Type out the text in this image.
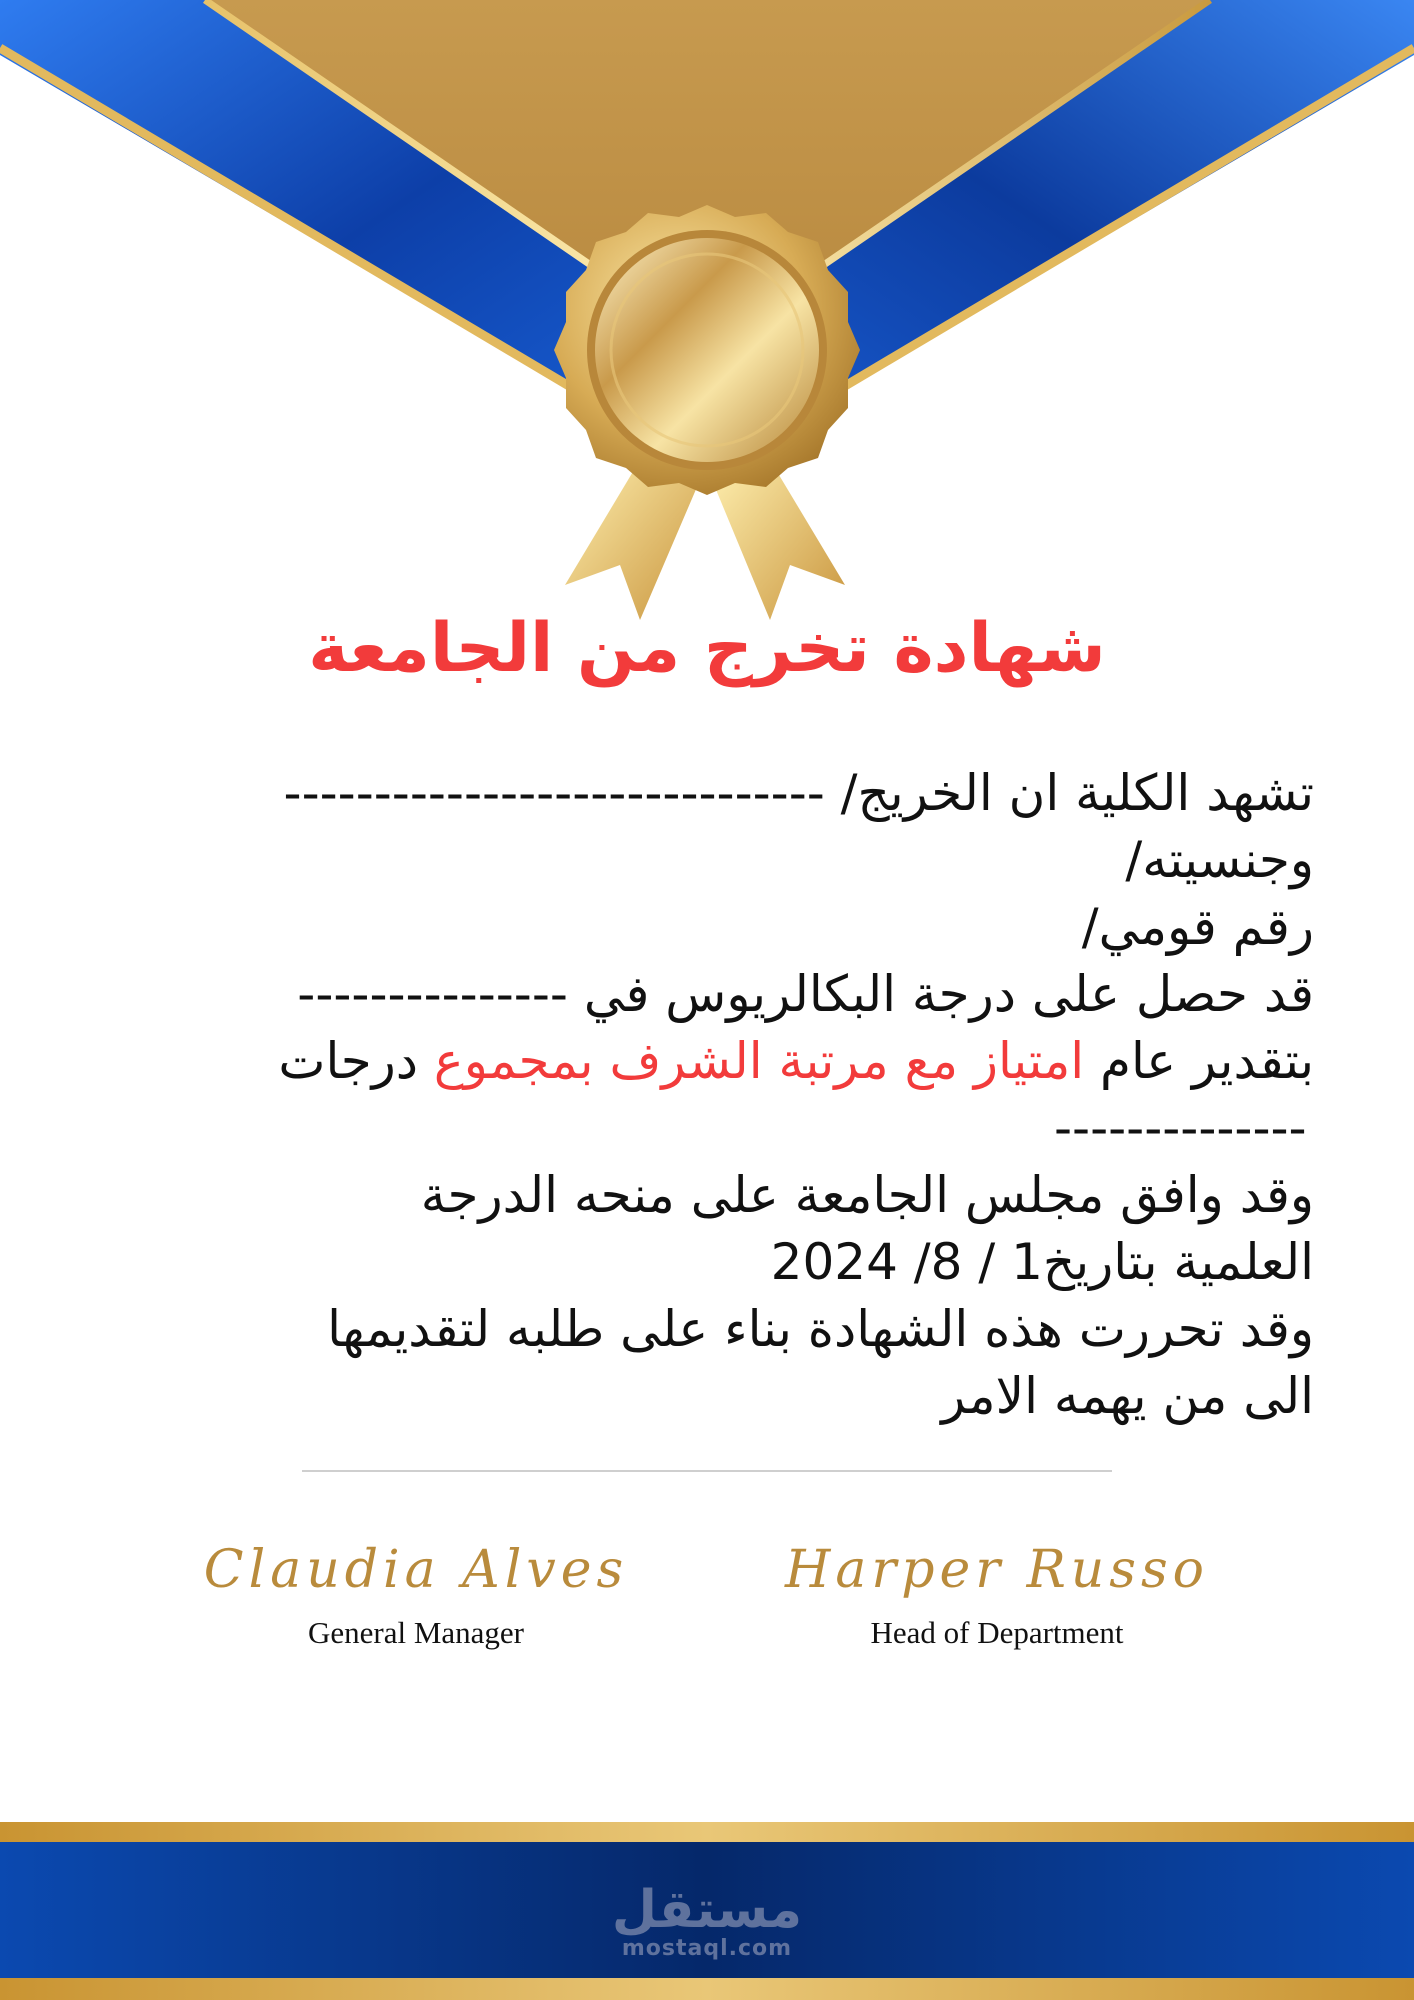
شهادة تخرج من الجامعة
تشهد الكلية ان الخريج/ ------------------------------
وجنسيته/
رقم قومي/
قد حصل على درجة البكالريوس في ---------------
بتقدير عام امتياز مع مرتبة الشرف بمجموع درجات
--------------
وقد وافق مجلس الجامعة على منحه الدرجة
العلمية بتاريخ1 / 8/ 2024
وقد تحررت هذه الشهادة بناء على طلبه لتقديمها
الى من يهمه الامر
Claudia Alves
General Manager
Harper Russo
Head of Department
مستقل
mostaql.com
